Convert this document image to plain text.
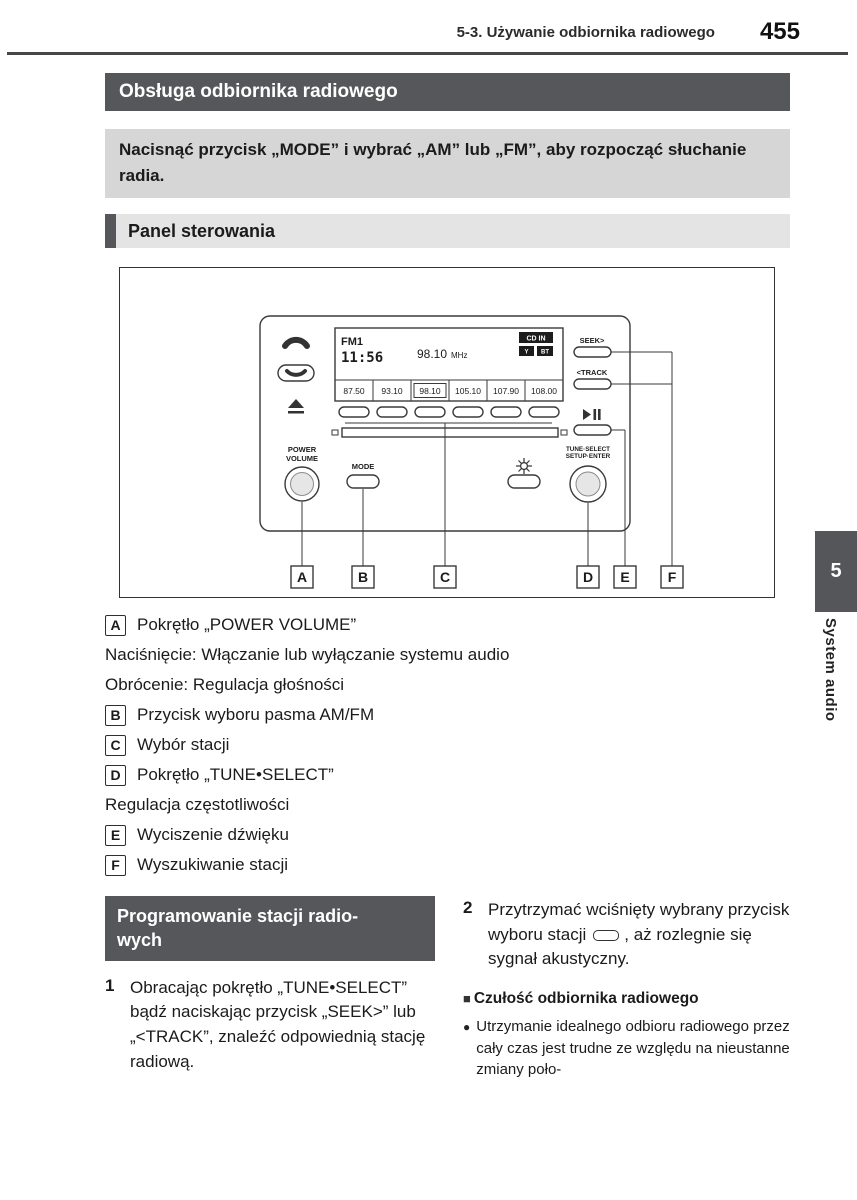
5-3. Używanie odbiornika radiowego 455
Obsługa odbiornika radiowego
Nacisnąć przycisk „MODE” i wybrać „AM” lub „FM”, aby rozpocząć słuchanie radia.
Panel sterowania
FM1
11:56	98.10 MHz
CD IN
Y BT
87.50 93.10 98.10 105.10 107.90 108.00
POWER
VOLUME
MODE
TUNE·SELECT
SETUP·ENTER
SEEK>
<TRACK
A	B	C	D E	F
A Pokrętło „POWER VOLUME”
Naciśnięcie: Włączanie lub wyłączanie systemu audio
Obrócenie: Regulacja głośności
B Przycisk wyboru pasma AM/FM
C Wybór stacji
D Pokrętło „TUNE•SELECT”
Regulacja częstotliwości
E Wyciszenie dźwięku
F	Wyszukiwanie stacji
Programowanie stacji radio-
wych
1 Obracając pokrętło „TUNE•SELECT” bądź naciskając przycisk „SEEK>” lub „<TRACK”, znaleźć odpowiednią stację radiową.

2 Przytrzymać wciśnięty wybrany przycisk wyboru stacji , aż rozlegnie się sygnał akustyczny.

■ Czułość odbiornika radiowego
● Utrzymanie idealnego odbioru radiowego przez cały czas jest trudne ze względu na nieustanne zmiany poło-

5
System audio
